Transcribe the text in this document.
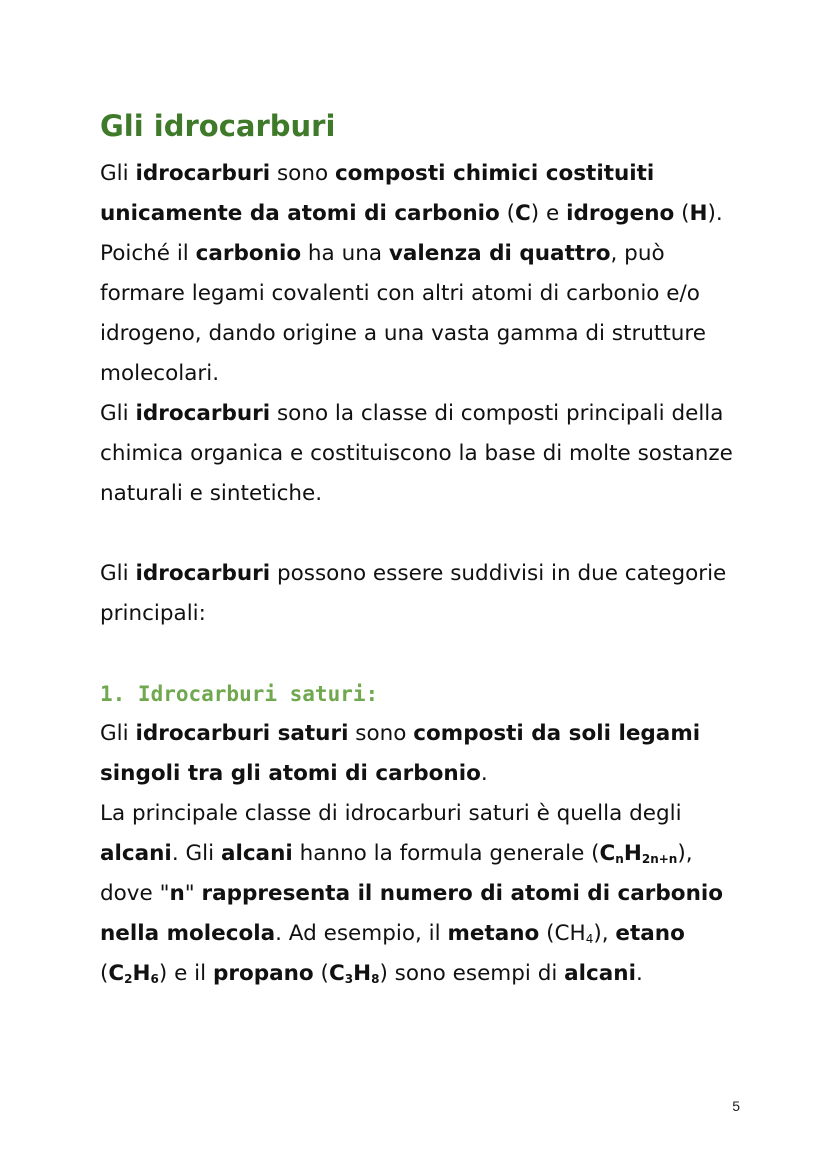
Gli idrocarburi

Gli idrocarburi sono composti chimici costituiti unicamente da atomi di carbonio (C) e idrogeno (H).
Poiché il carbonio ha una valenza di quattro, può formare legami covalenti con altri atomi di carbonio e/o idrogeno, dando origine a una vasta gamma di strutture molecolari.

Gli idrocarburi sono la classe di composti principali della chimica organica e costituiscono la base di molte sostanze naturali e sintetiche.

Gli idrocarburi possono essere suddivisi in due categorie principali:

1. Idrocarburi saturi:

Gli idrocarburi saturi sono composti da soli legami singoli tra gli atomi di carbonio.

La principale classe di idrocarburi saturi è quella degli alcani. Gli alcani hanno la formula generale $(C_nH_{2n+n})$, dove "n" rappresenta il numero di atomi di carbonio nella molecola. Ad esempio, il metano $(CH_4)$, etano $(C_2H_6)$ e il propano $(C_3H_8)$ sono esempi di alcani.

5
